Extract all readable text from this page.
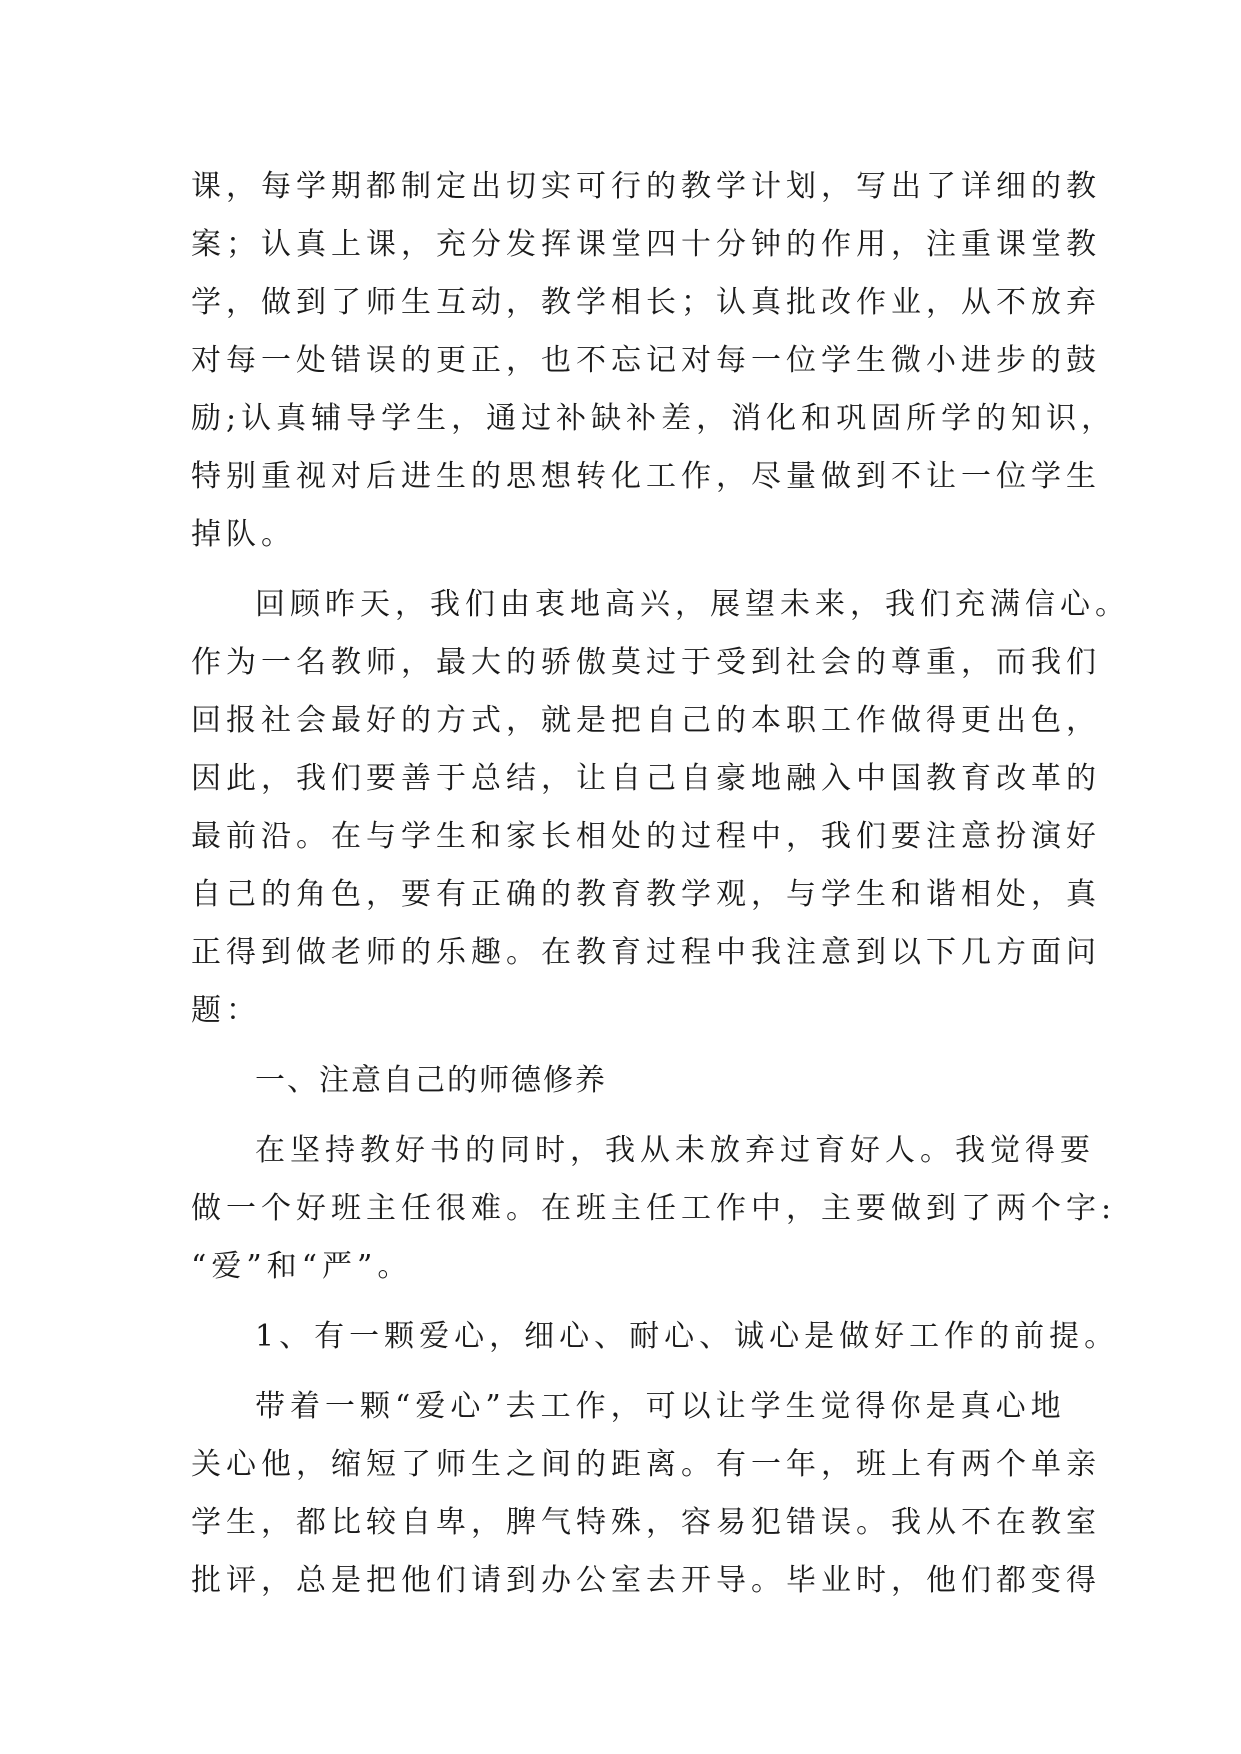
课，每学期都制定出切实可行的教学计划，写出了详细的教
案；认真上课，充分发挥课堂四十分钟的作用，注重课堂教
学，做到了师生互动，教学相长；认真批改作业，从不放弃
对每一处错误的更正，也不忘记对每一位学生微小进步的鼓
励;认真辅导学生，通过补缺补差，消化和巩固所学的知识，
特别重视对后进生的思想转化工作，尽量做到不让一位学生
掉队。
回顾昨天，我们由衷地高兴，展望未来，我们充满信心。
作为一名教师，最大的骄傲莫过于受到社会的尊重，而我们
回报社会最好的方式，就是把自己的本职工作做得更出色，
因此，我们要善于总结，让自己自豪地融入中国教育改革的
最前沿。在与学生和家长相处的过程中，我们要注意扮演好
自己的角色，要有正确的教育教学观，与学生和谐相处，真
正得到做老师的乐趣。在教育过程中我注意到以下几方面问
题：
一、注意自己的师德修养
在坚持教好书的同时，我从未放弃过育好人。我觉得要
做一个好班主任很难。在班主任工作中，主要做到了两个字:
“爱”和“严”。
1、有一颗爱心，细心、耐心、诚心是做好工作的前提。
带着一颗“爱心”去工作，可以让学生觉得你是真心地
关心他，缩短了师生之间的距离。有一年，班上有两个单亲
学生，都比较自卑，脾气特殊，容易犯错误。我从不在教室
批评，总是把他们请到办公室去开导。毕业时，他们都变得
